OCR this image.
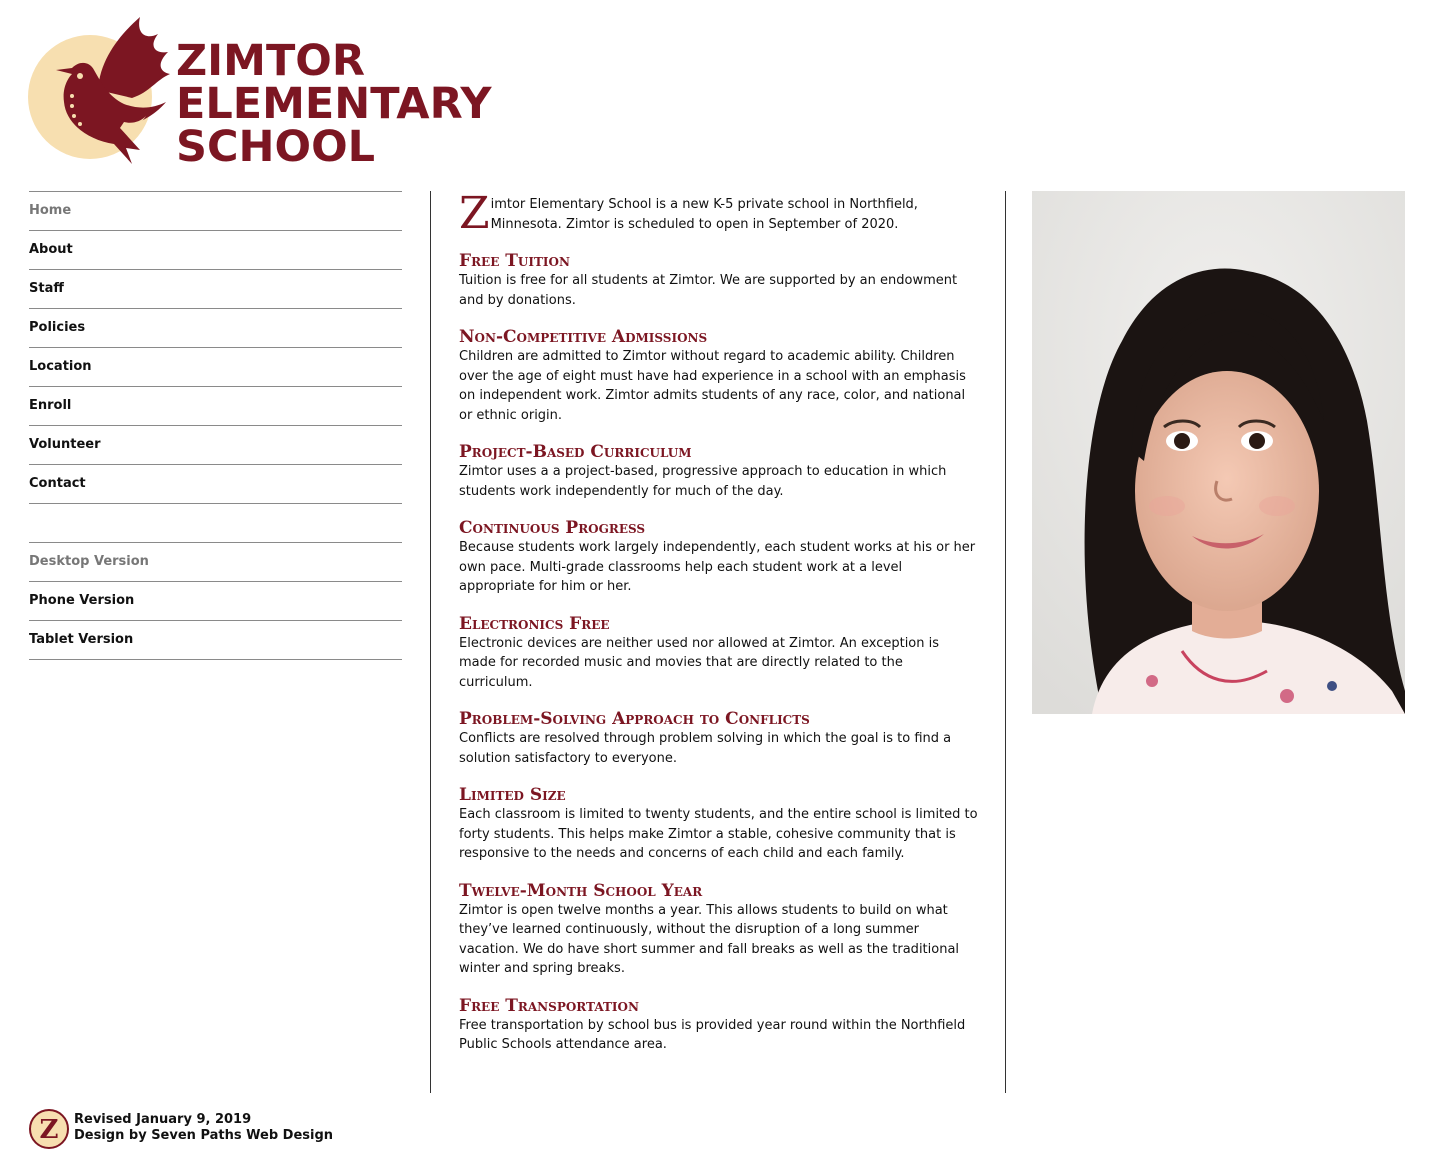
ZIMTOR
ELEMENTARY
SCHOOL
Home
About
Staff
Policies
Location
Enroll
Volunteer
Contact
Desktop Version
Phone Version
Tablet Version

Zimtor Elementary School is a new K-5 private school in Northfield, Minnesota. Zimtor is scheduled to open in September of 2020.

Free Tuition

Tuition is free for all students at Zimtor. We are supported by an endowment and by donations.

Non-Competitive Admissions

Children are admitted to Zimtor without regard to academic ability. Children over the age of eight must have had experience in a school with an emphasis on independent work. Zimtor admits students of any race, color, and national or ethnic origin.

Project-Based Curriculum

Zimtor uses a a project-based, progressive approach to education in which students work independently for much of the day.

Continuous Progress

Because students work largely independently, each student works at his or her own pace. Multi-grade classrooms help each student work at a level appropriate for him or her.

Electronics Free

Electronic devices are neither used nor allowed at Zimtor. An exception is made for recorded music and movies that are directly related to the curriculum.

Problem-Solving Approach to Conflicts

Conflicts are resolved through problem solving in which the goal is to find a solution satisfactory to everyone.

Limited Size

Each classroom is limited to twenty students, and the entire school is limited to forty students. This helps make Zimtor a stable, cohesive community that is responsive to the needs and concerns of each child and each family.

Twelve-Month School Year

Zimtor is open twelve months a year. This allows students to build on what they’ve learned continuously, without the disruption of a long summer vacation. We do have short summer and fall breaks as well as the traditional winter and spring breaks.

Free Transportation

Free transportation by school bus is provided year round within the Northfield Public Schools attendance area.

Z Revised January 9, 2019
Design by Seven Paths Web Design
